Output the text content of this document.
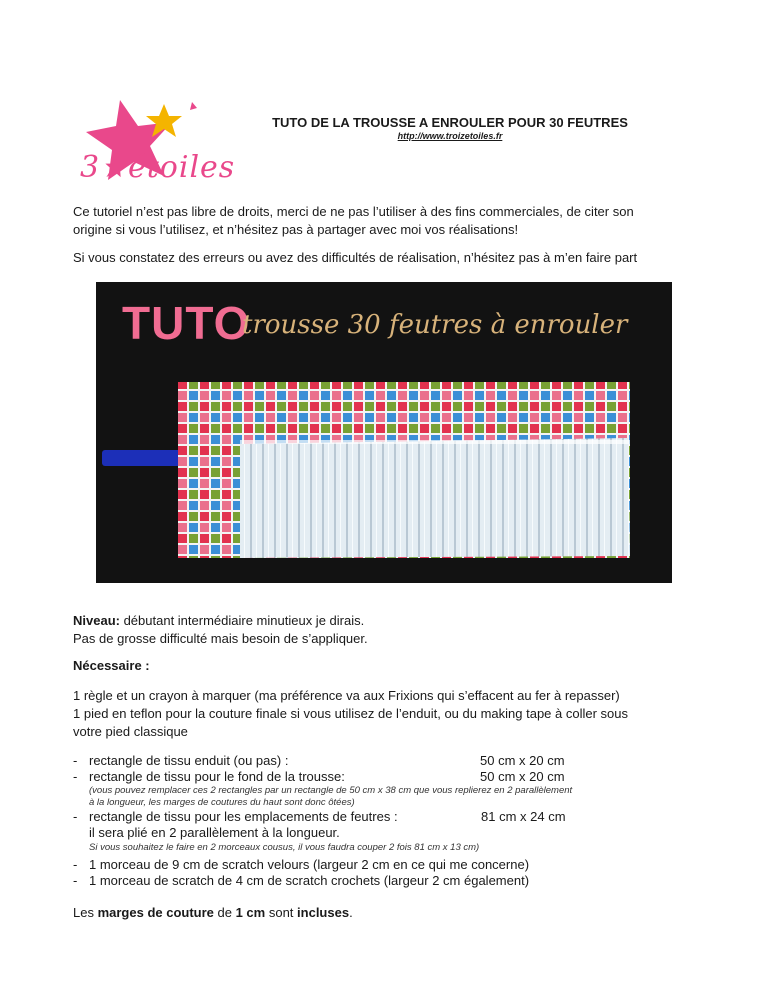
3★étoiles
TUTO DE LA TROUSSE A ENROULER POUR 30 FEUTRES
http://www.troizetoiles.fr
Ce tutoriel n’est pas libre de droits, merci de ne pas l’utiliser à des fins commerciales, de citer son
origine si vous l’utilisez, et n’hésitez pas à partager avec moi vos réalisations!
Si vous constatez des erreurs ou avez des difficultés de réalisation, n’hésitez pas à m’en faire part
TUTO
trousse 30 feutres à enrouler
Niveau: débutant intermédiaire minutieux je dirais.
Pas de grosse difficulté mais besoin de s’appliquer.
Nécessaire :
1 règle et un crayon à marquer (ma préférence va aux Frixions qui s’effacent au fer à repasser)
1 pied en teflon pour la couture finale si vous utilisez de l’enduit, ou du making tape à coller sous
votre pied classique
- rectangle de tissu enduit (ou pas) :	50 cm x 20 cm
- rectangle de tissu pour le fond de la trousse:	50 cm x 20 cm
(vous pouvez remplacer ces 2 rectangles par un rectangle de 50 cm x 38 cm que vous replierez en 2 parallèlement
à la longueur, les marges de coutures du haut sont donc ôtées)
- rectangle de tissu pour les emplacements de feutres :	81 cm x 24 cm
il sera plié en 2 parallèlement à la longueur.
Si vous souhaitez le faire en 2 morceaux cousus, il vous faudra couper 2 fois 81 cm x 13 cm)
- 1 morceau de 9 cm de scratch velours (largeur 2 cm en ce qui me concerne)
- 1 morceau de scratch de 4 cm de scratch crochets (largeur 2 cm également)
Les marges de couture de 1 cm sont incluses.
